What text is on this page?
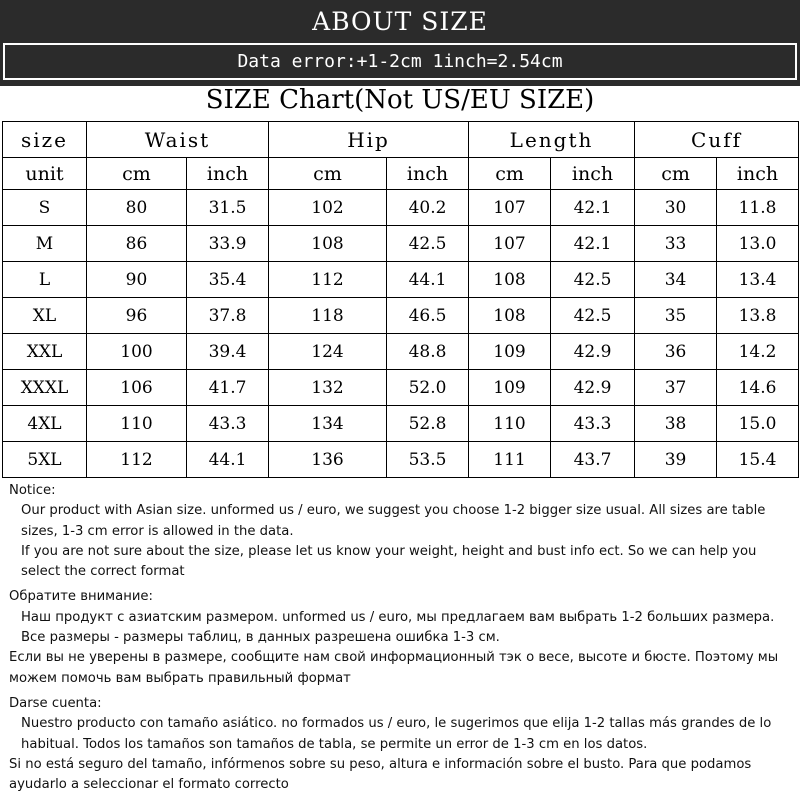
ABOUT SIZE
Data error:+1-2cm 1inch=2.54cm
SIZE Chart(Not US/EU SIZE)
size	Waist		Hip		Length		Cuff	
unit	cm	inch	cm	inch	cm	inch	cm	inch
S	80	31.5	102	40.2	107	42.1	30	11.8
M	86	33.9	108	42.5	107	42.1	33	13.0
L	90	35.4	112	44.1	108	42.5	34	13.4
XL	96	37.8	118	46.5	108	42.5	35	13.8
XXL	100	39.4	124	48.8	109	42.9	36	14.2
XXXL	106	41.7	132	52.0	109	42.9	37	14.6
4XL	110	43.3	134	52.8	110	43.3	38	15.0
5XL	112	44.1	136	53.5	111	43.7	39	15.4

Notice:

Our product with Asian size. unformed us / euro, we suggest you choose 1-2 bigger size usual. All sizes are table sizes, 1-3 cm error is allowed in the data.

If you are not sure about the size, please let us know your weight, height and bust info ect. So we can help you select the correct format

Обратите внимание:

Наш продукт с азиатским размером. unformed us / euro, мы предлагаем вам выбрать 1-2 больших размера. Все размеры - размеры таблиц, в данных разрешена ошибка 1-3 см.

Если вы не уверены в размере, сообщите нам свой информационный тэк о весе, высоте и бюсте. Поэтому мы можем помочь вам выбрать правильный формат

Darse cuenta:

Nuestro producto con tamaño asiático. no formados us / euro, le sugerimos que elija 1-2 tallas más grandes de lo habitual. Todos los tamaños son tamaños de tabla, se permite un error de 1-3 cm en los datos.

Si no está seguro del tamaño, infórmenos sobre su peso, altura e información sobre el busto. Para que podamos ayudarlo a seleccionar el formato correcto
